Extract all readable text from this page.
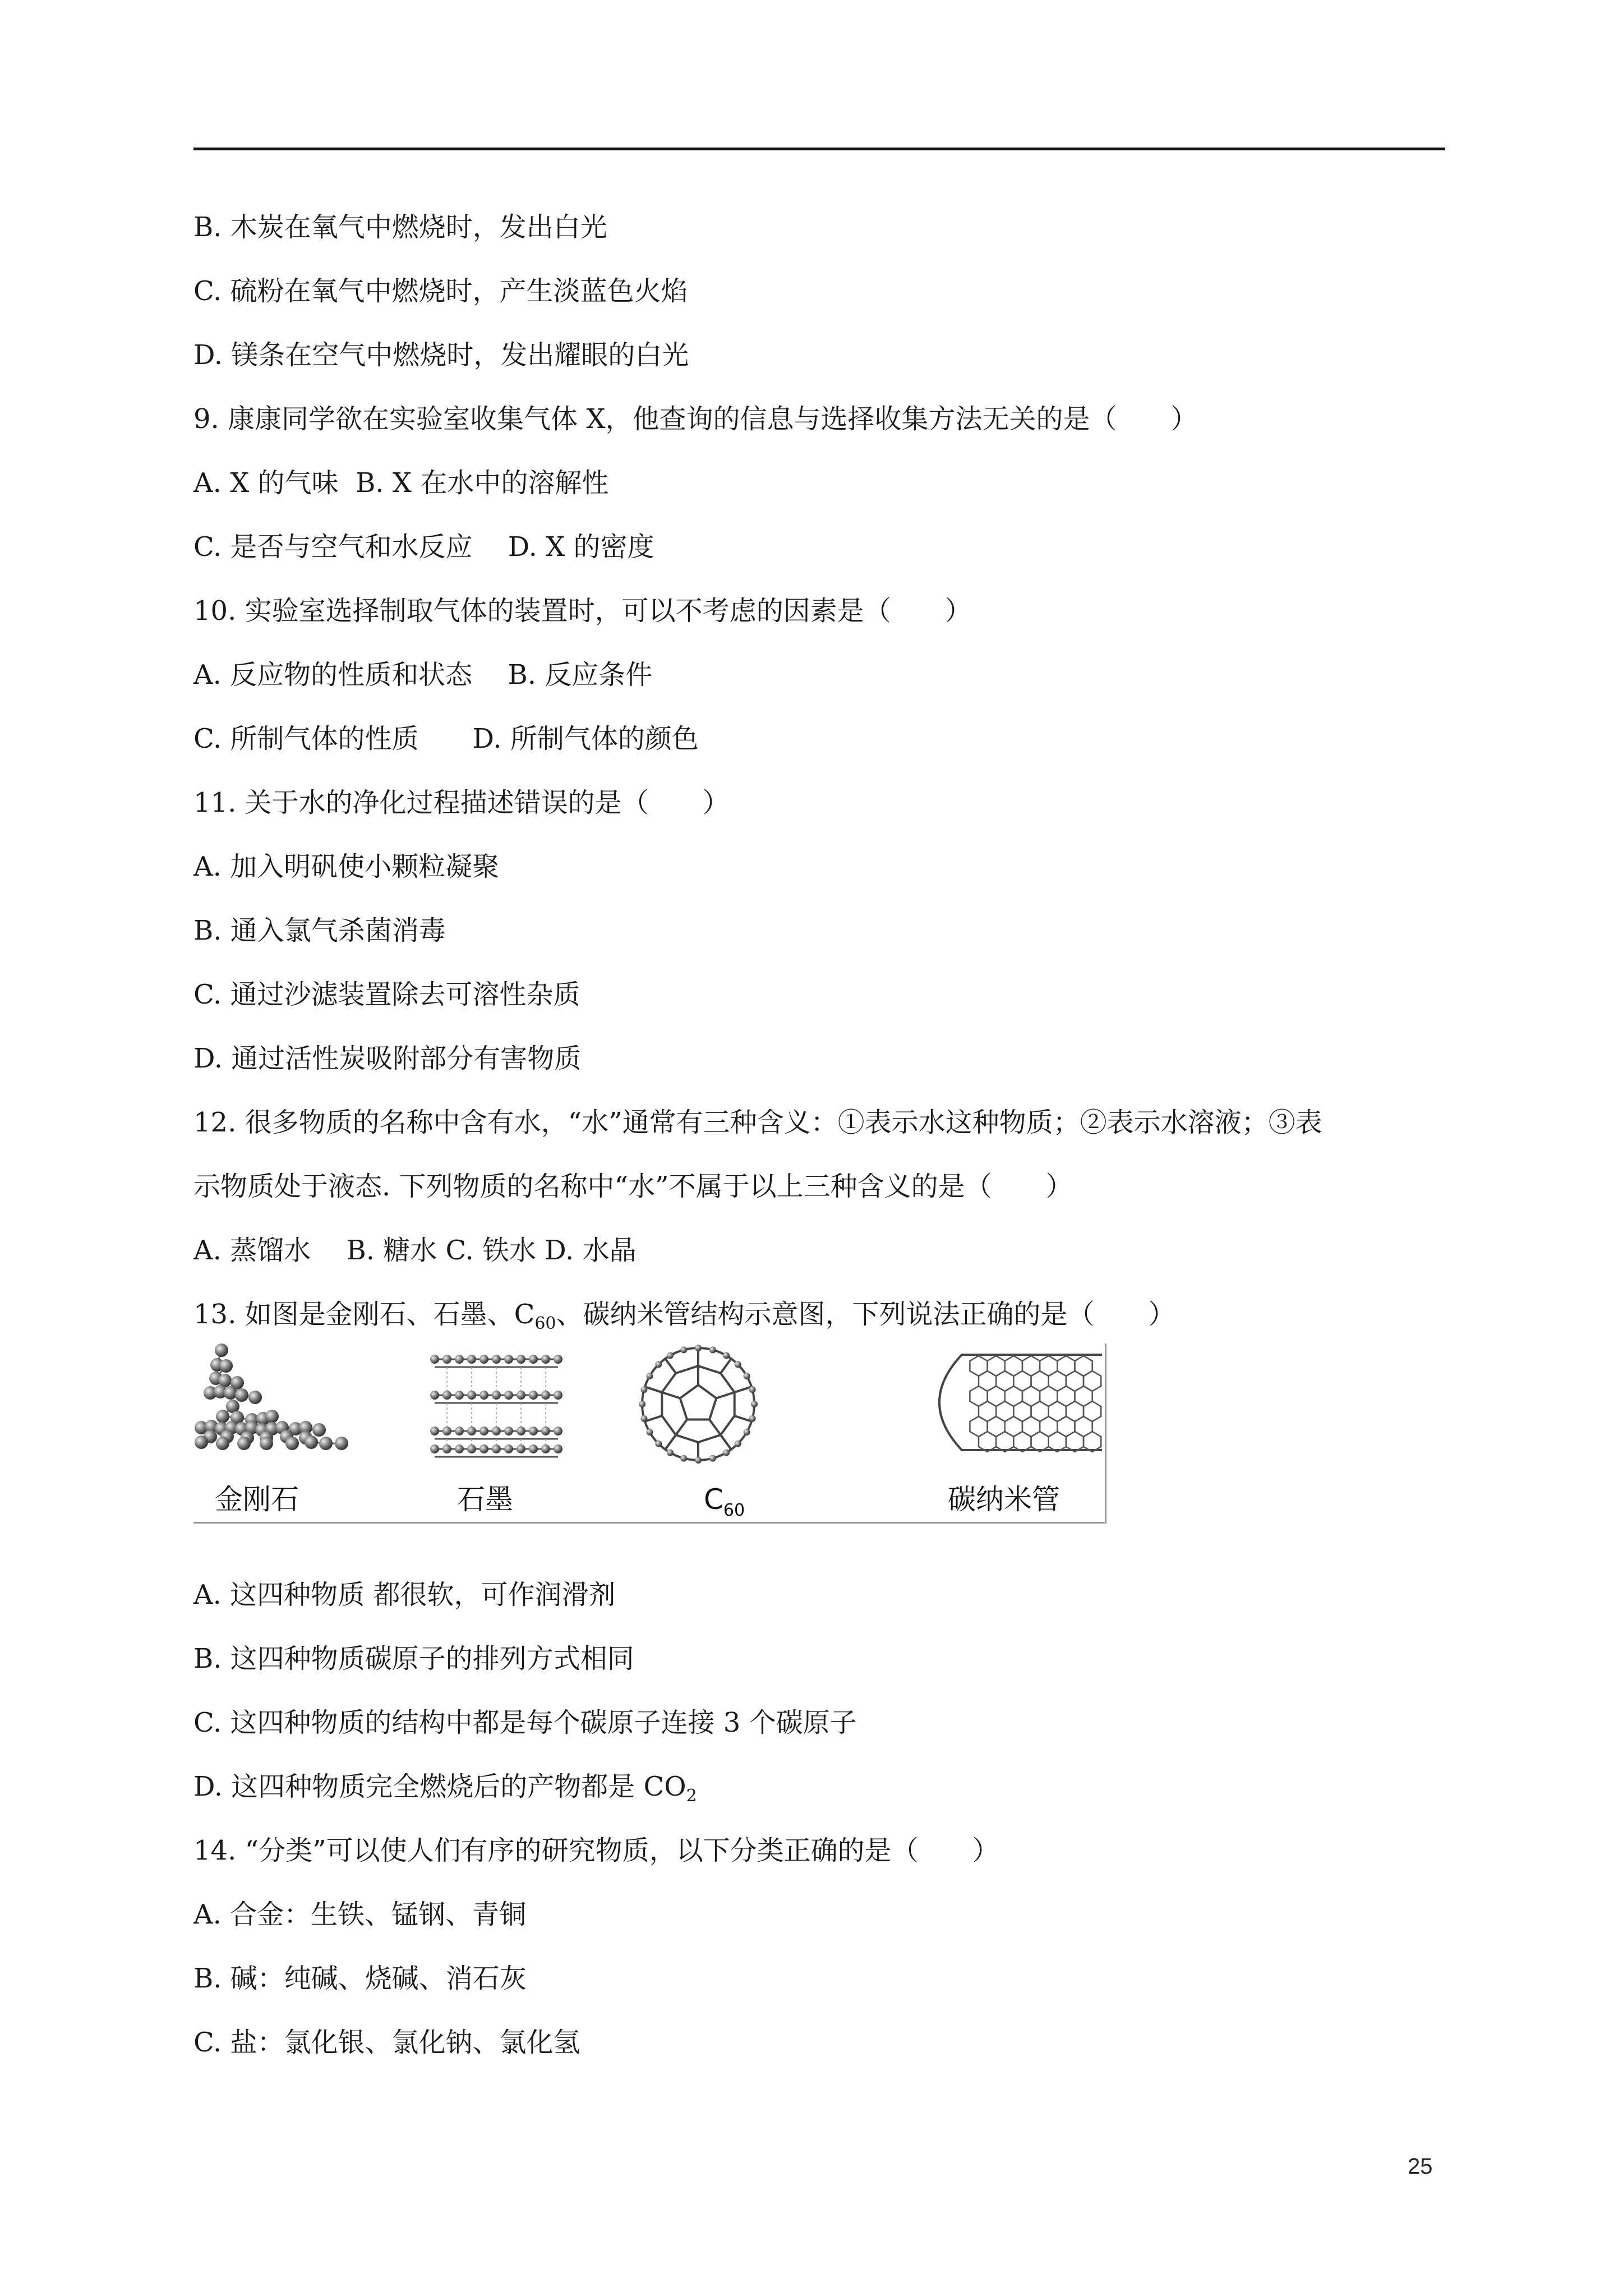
B. 木炭在氧气中燃烧时，发出白光
C. 硫粉在氧气中燃烧时，产生淡蓝色火焰
D. 镁条在空气中燃烧时，发出耀眼的白光
9. 康康同学欲在实验室收集气体 X，他查询的信息与选择收集方法无关的是（　　）
A. X 的气味  B. X 在水中的溶解性
C. 是否与空气和水反应　 D. X 的密度
10. 实验室选择制取气体的装置时，可以不考虑的因素是（　　）
A. 反应物的性质和状态　 B. 反应条件
C. 所制气体的性质　　D. 所制气体的颜色
11. 关于水的净化过程描述错误的是（　　）
A. 加入明矾使小颗粒凝聚
B. 通入氯气杀菌消毒
C. 通过沙滤装置除去可溶性杂质
D. 通过活性炭吸附部分有害物质
12. 很多物质的名称中含有水，“水”通常有三种含义：①表示水这种物质；②表示水溶液；③表
示物质处于液态. 下列物质的名称中“水”不属于以上三种含义的是（　　）
A. 蒸馏水　 B. 糖水 C. 铁水 D. 水晶
13. 如图是金刚石、石墨、$C_{60}$、碳纳米管结构示意图，下列说法正确的是（　　）
金刚石	石墨	$C_{60}$	碳纳米管
A. 这四种物质 都很软，可作润滑剂
B. 这四种物质碳原子的排列方式相同
C. 这四种物质的结构中都是每个碳原子连接 3 个碳原子
D. 这四种物质完全燃烧后的产物都是 $CO_2$
14. “分类”可以使人们有序的研究物质，以下分类正确的是（　　）
A. 合金：生铁、锰钢、青铜
B. 碱：纯碱、烧碱、消石灰
C. 盐：氯化银、氯化钠、氯化氢
25
